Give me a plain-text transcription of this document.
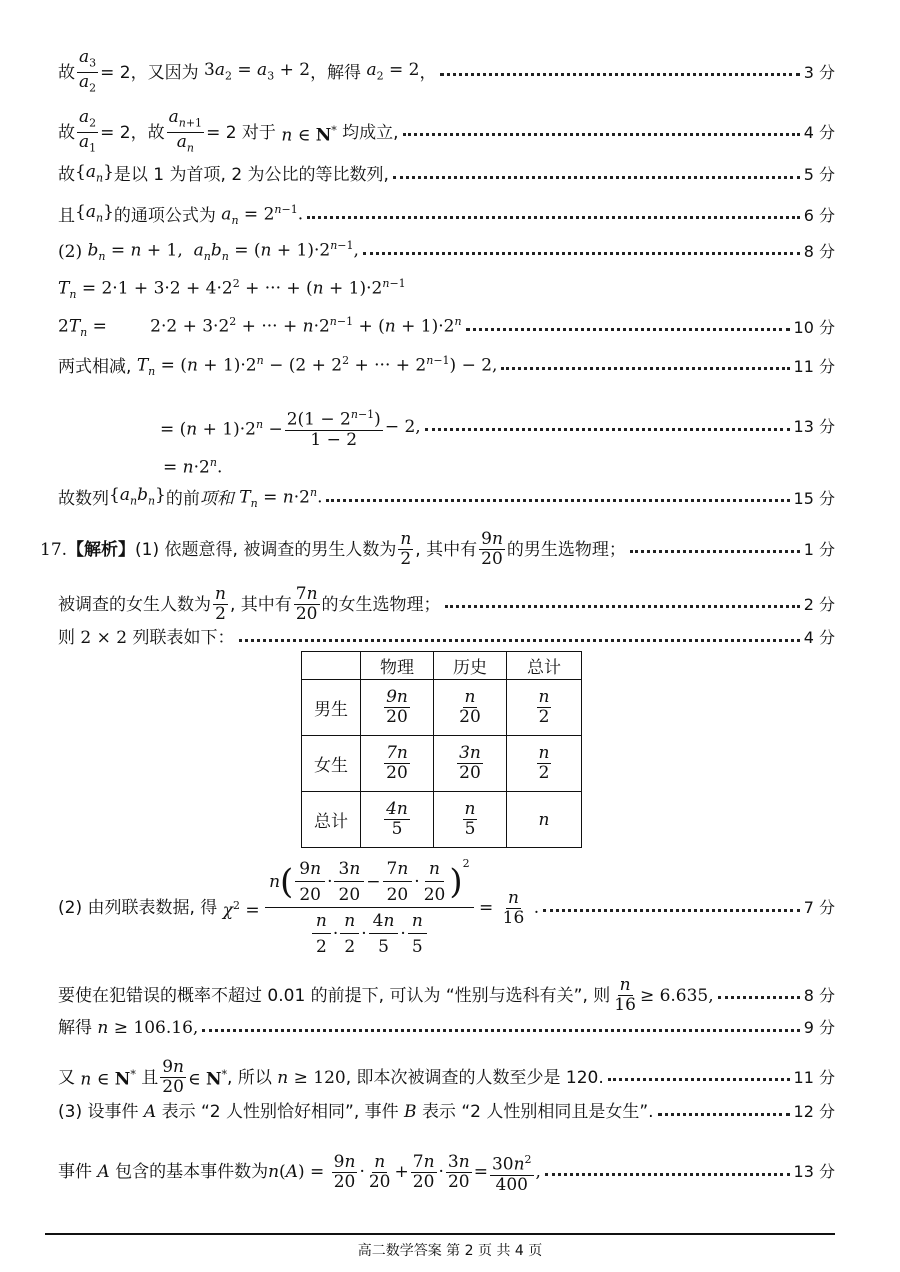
故 $\frac{a_3}{a_2} = 2$，又因为 $3a_2 = a_3 + 2$ ，解得 $a_2 = 2$ ，	3 分
故 $\frac{a_2}{a_1} = 2$，故 $\frac{a_{n+1}}{a_n} = 2$ 对于 n ∈ N* 均成立,	4 分
故 $\{a_n\}$ 是以 1 为首项, 2 为公比的等比数列,	5 分
且 $\{a_n\}$ 的通项公式为 $a_n = 2^{n-1}$.	6 分
(2) $b_n = n + 1$,  $a_nb_n = (n + 1)\cdot 2^{n-1}$,	8 分
$T_n = 2\cdot 1 + 3\cdot 2 + 4\cdot 2^2$ + ··· + $(n + 1)\cdot 2^{n-1}$
$2T_n$ =        $2\cdot 2 + 3\cdot 2^2$ + ··· + $n\cdot 2^{n-1} + (n + 1)\cdot 2^n$	10 分
两式相减, $T_n = (n + 1)\cdot 2^n - (2 + 2^2$ + ··· + $2^{n-1}) - 2$,	11 分
= $(n + 1)\cdot 2^n - \frac{2(1 - 2^{n-1})}{1 - 2} - 2$,	13 分
= $n\cdot 2^n$.
故数列 $\{a_nb_n\}$ 的前 项和 $T_n = n\cdot 2^n$.	15 分
17. 【解析】 (1) 依题意得, 被调查的男生人数为 $\frac{n}{2}$ , 其中有 $\frac{9n}{20}$ 的男生选物理；	1 分
被调查的女生人数为 $\frac{n}{2}$ , 其中有 $\frac{7n}{20}$ 的女生选物理；	2 分
则 2 × 2 列联表如下：	4 分
	物理	历史	总计
男生	$\frac{9n}{20}$	$\frac{n}{20}$	$\frac{n}{2}$

女生	$\frac{7n}{20}$	$\frac{3n}{20}$	$\frac{n}{2}$

总计	$\frac{4n}{5}$	$\frac{n}{5}$	n
(2) 由列联表数据, 得 $\chi^2$ =
n ( $\frac{9 n}{20} \cdot \frac{3 n}{20} - \frac{7 n}{20} \cdot \frac{n}{20} )^2$
$\frac{n}{2} \cdot \frac{n}{2} \cdot \frac{4 n}{5} \cdot \frac{n}{5}$
= $\frac{n}{16}$ .	7 分
要使在犯错误的概率不超过 0.01 的前提下, 可认为 “性别与选科有关”, 则 $\frac{n}{16} \ge 6.635$,	8 分
解得 n ≥ 106.16,	9 分
又 n ∈ N* 且 $\frac{9n}{20}$ ∈ N* , 所以 n ≥ 120 , 即本次被调查的人数至少是 120.	11 分
(3) 设事件 A 表示 “2 人性别恰好相同”, 事件 B 表示 “2 人性别相同且是女生”.	12 分
事件 A 包含的基本事件数为 $n(A) = \frac{9n}{20} \cdot \frac{n}{20} + \frac{7n}{20} \cdot \frac{3n}{20} = \frac{30n^2}{400}$ ,	13 分
高二数学答案 第 2 页 共 4 页
